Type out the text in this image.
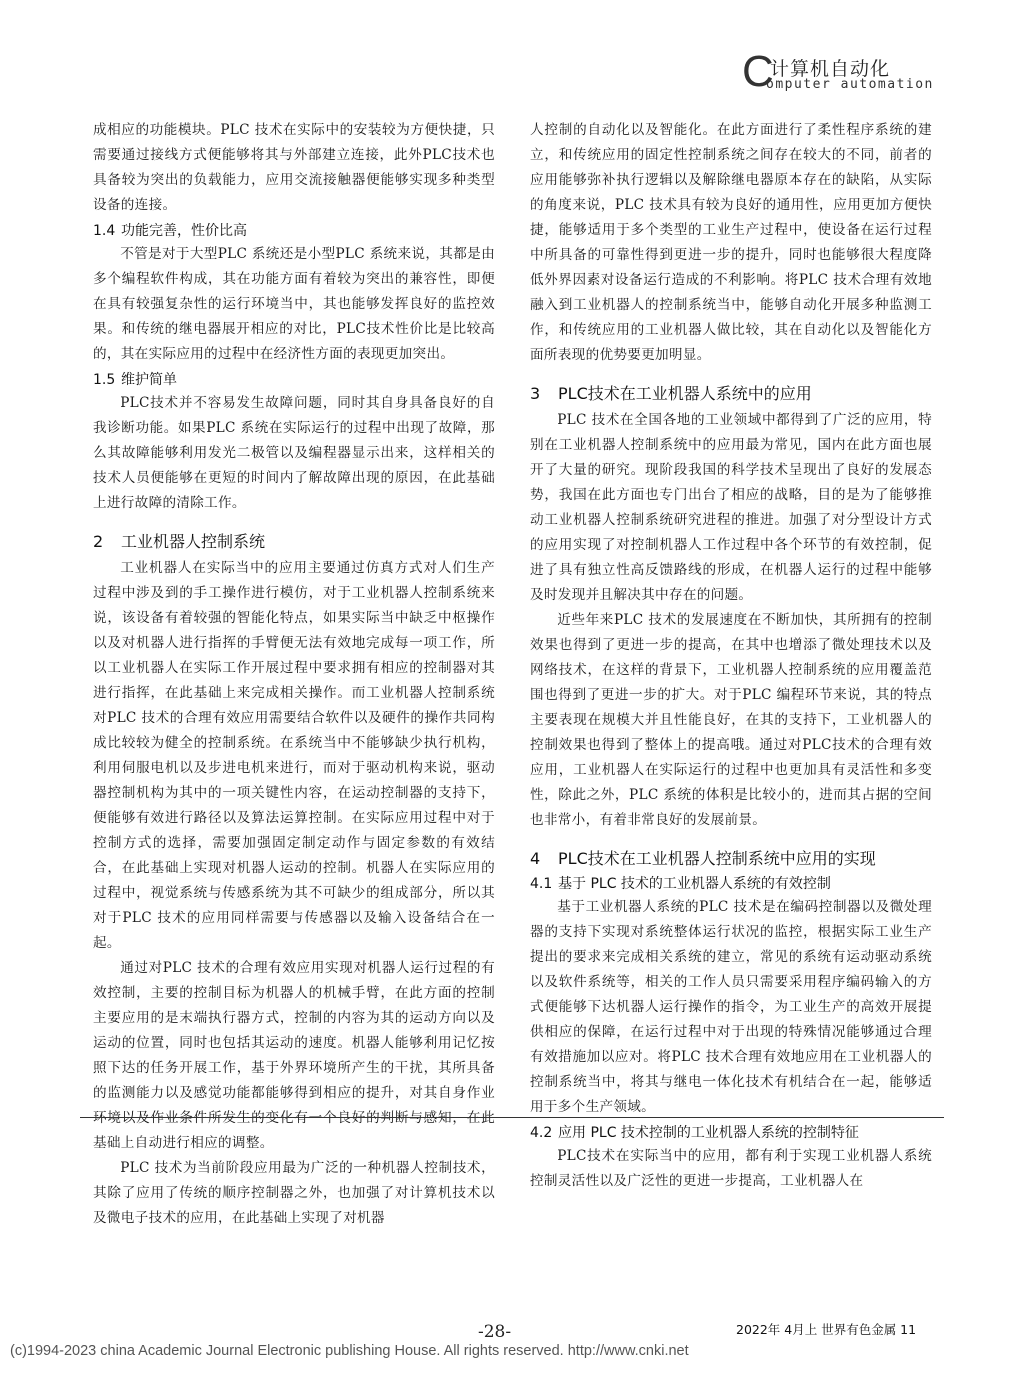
C
计算机自动化
omputer automation

成相应的功能模块。PLC 技术在实际中的安装较为方便快捷，只需要通过接线方式便能够将其与外部建立连接，此外PLC技术也具备较为突出的负载能力，应用交流接触器便能够实现多种类型设备的连接。

1.4 功能完善，性价比高

不管是对于大型PLC 系统还是小型PLC 系统来说，其都是由多个编程软件构成，其在功能方面有着较为突出的兼容性，即便在具有较强复杂性的运行环境当中，其也能够发挥良好的监控效果。和传统的继电器展开相应的对比，PLC技术性价比是比较高的，其在实际应用的过程中在经济性方面的表现更加突出。

1.5 维护简单

PLC技术并不容易发生故障问题，同时其自身具备良好的自我诊断功能。如果PLC 系统在实际运行的过程中出现了故障，那么其故障能够利用发光二极管以及编程器显示出来，这样相关的技术人员便能够在更短的时间内了解故障出现的原因，在此基础上进行故障的清除工作。

2 工业机器人控制系统

工业机器人在实际当中的应用主要通过仿真方式对人们生产过程中涉及到的手工操作进行模仿，对于工业机器人控制系统来说，该设备有着较强的智能化特点，如果实际当中缺乏中枢操作以及对机器人进行指挥的手臂便无法有效地完成每一项工作，所以工业机器人在实际工作开展过程中要求拥有相应的控制器对其进行指挥，在此基础上来完成相关操作。而工业机器人控制系统对PLC 技术的合理有效应用需要结合软件以及硬件的操作共同构成比较较为健全的控制系统。在系统当中不能够缺少执行机构，利用伺服电机以及步进电机来进行，而对于驱动机构来说，驱动器控制机构为其中的一项关键性内容，在运动控制器的支持下，便能够有效进行路径以及算法运算控制。在实际应用过程中对于控制方式的选择，需要加强固定制定动作与固定参数的有效结合，在此基础上实现对机器人运动的控制。机器人在实际应用的过程中，视觉系统与传感系统为其不可缺少的组成部分，所以其对于PLC 技术的应用同样需要与传感器以及输入设备结合在一起。

通过对PLC 技术的合理有效应用实现对机器人运行过程的有效控制，主要的控制目标为机器人的机械手臂，在此方面的控制主要应用的是末端执行器方式，控制的内容为其的运动方向以及运动的位置，同时也包括其运动的速度。机器人能够利用记忆按照下达的任务开展工作，基于外界环境所产生的干扰，其所具备的监测能力以及感觉功能都能够得到相应的提升，对其自身作业环境以及作业条件所发生的变化有一个良好的判断与感知，在此基础上自动进行相应的调整。

PLC 技术为当前阶段应用最为广泛的一种机器人控制技术，其除了应用了传统的顺序控制器之外，也加强了对计算机技术以及微电子技术的应用，在此基础上实现了对机器

人控制的自动化以及智能化。在此方面进行了柔性程序系统的建立，和传统应用的固定性控制系统之间存在较大的不同，前者的应用能够弥补执行逻辑以及解除继电器原本存在的缺陷，从实际的角度来说，PLC 技术具有较为良好的通用性，应用更加方便快捷，能够适用于多个类型的工业生产过程中，使设备在运行过程中所具备的可靠性得到更进一步的提升，同时也能够很大程度降低外界因素对设备运行造成的不利影响。将PLC 技术合理有效地融入到工业机器人的控制系统当中，能够自动化开展多种监测工作，和传统应用的工业机器人做比较，其在自动化以及智能化方面所表现的优势要更加明显。

3 PLC技术在工业机器人系统中的应用

PLC 技术在全国各地的工业领域中都得到了广泛的应用，特别在工业机器人控制系统中的应用最为常见，国内在此方面也展开了大量的研究。现阶段我国的科学技术呈现出了良好的发展态势，我国在此方面也专门出台了相应的战略，目的是为了能够推动工业机器人控制系统研究进程的推进。加强了对分型设计方式的应用实现了对控制机器人工作过程中各个环节的有效控制，促进了具有独立性高反馈路线的形成，在机器人运行的过程中能够及时发现并且解决其中存在的问题。

近些年来PLC 技术的发展速度在不断加快，其所拥有的控制效果也得到了更进一步的提高，在其中也增添了微处理技术以及网络技术，在这样的背景下，工业机器人控制系统的应用覆盖范围也得到了更进一步的扩大。对于PLC 编程环节来说，其的特点主要表现在规模大并且性能良好，在其的支持下，工业机器人的控制效果也得到了整体上的提高哦。通过对PLC技术的合理有效应用，工业机器人在实际运行的过程中也更加具有灵活性和多变性，除此之外，PLC 系统的体积是比较小的，进而其占据的空间也非常小，有着非常良好的发展前景。

4 PLC技术在工业机器人控制系统中应用的实现
4.1 基于 PLC 技术的工业机器人系统的有效控制

基于工业机器人系统的PLC 技术是在编码控制器以及微处理器的支持下实现对系统整体运行状况的监控，根据实际工业生产提出的要求来完成相关系统的建立，常见的系统有运动驱动系统以及软件系统等，相关的工作人员只需要采用程序编码输入的方式便能够下达机器人运行操作的指令，为工业生产的高效开展提供相应的保障，在运行过程中对于出现的特殊情况能够通过合理有效措施加以应对。将PLC 技术合理有效地应用在工业机器人的控制系统当中，将其与继电一体化技术有机结合在一起，能够适用于多个生产领域。

4.2 应用 PLC 技术控制的工业机器人系统的控制特征

PLC技术在实际当中的应用，都有利于实现工业机器人系统控制灵活性以及广泛性的更进一步提高，工业机器人在

-28-	2022年 4月上 世界有色金属 11
(c)1994-2023 china Academic Journal Electronic publishing House. All rights reserved. http://www.cnki.net
